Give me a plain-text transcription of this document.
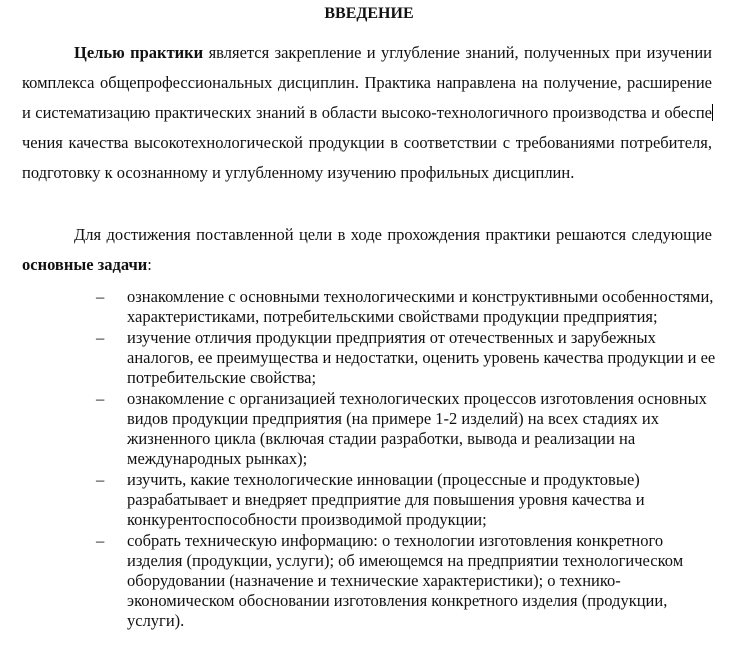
ВВЕДЕНИЕ

Целью практики является закрепление и углубление знаний, полученных при изучении комплекса общепрофессиональных дисциплин. Практика направлена на получение, расширение и систематизацию практических знаний в области высоко-технологичного производства и обеспечения качества высокотехнологической продукции в соответствии с требованиями потребителя, подготовку к осознанному и углубленному изучению профильных дисциплин.

Для достижения поставленной цели в ходе прохождения практики решаются следующие основные задачи:

– ознакомление с основными технологическими и конструктивными особенностями, характеристиками, потребительскими свойствами продукции предприятия;
– изучение отличия продукции предприятия от отечественных и зарубежных аналогов, ее преимущества и недостатки, оценить уровень качества продукции и ее потребительские свойства;
– ознакомление с организацией технологических процессов изготовления основных видов продукции предприятия (на примере 1-2 изделий) на всех стадиях их жизненного цикла (включая стадии разработки, вывода и реализации на международных рынках);
– изучить, какие технологические инновации (процессные и продуктовые) разрабатывает и внедряет предприятие для повышения уровня качества и конкурентоспособности производимой продукции;
– собрать техническую информацию: о технологии изготовления конкретного изделия (продукции, услуги); об имеющемся на предприятии технологическом оборудовании (назначение и технические характеристики); о технико-экономическом обосновании изготовления конкретного изделия (продукции, услуги).
